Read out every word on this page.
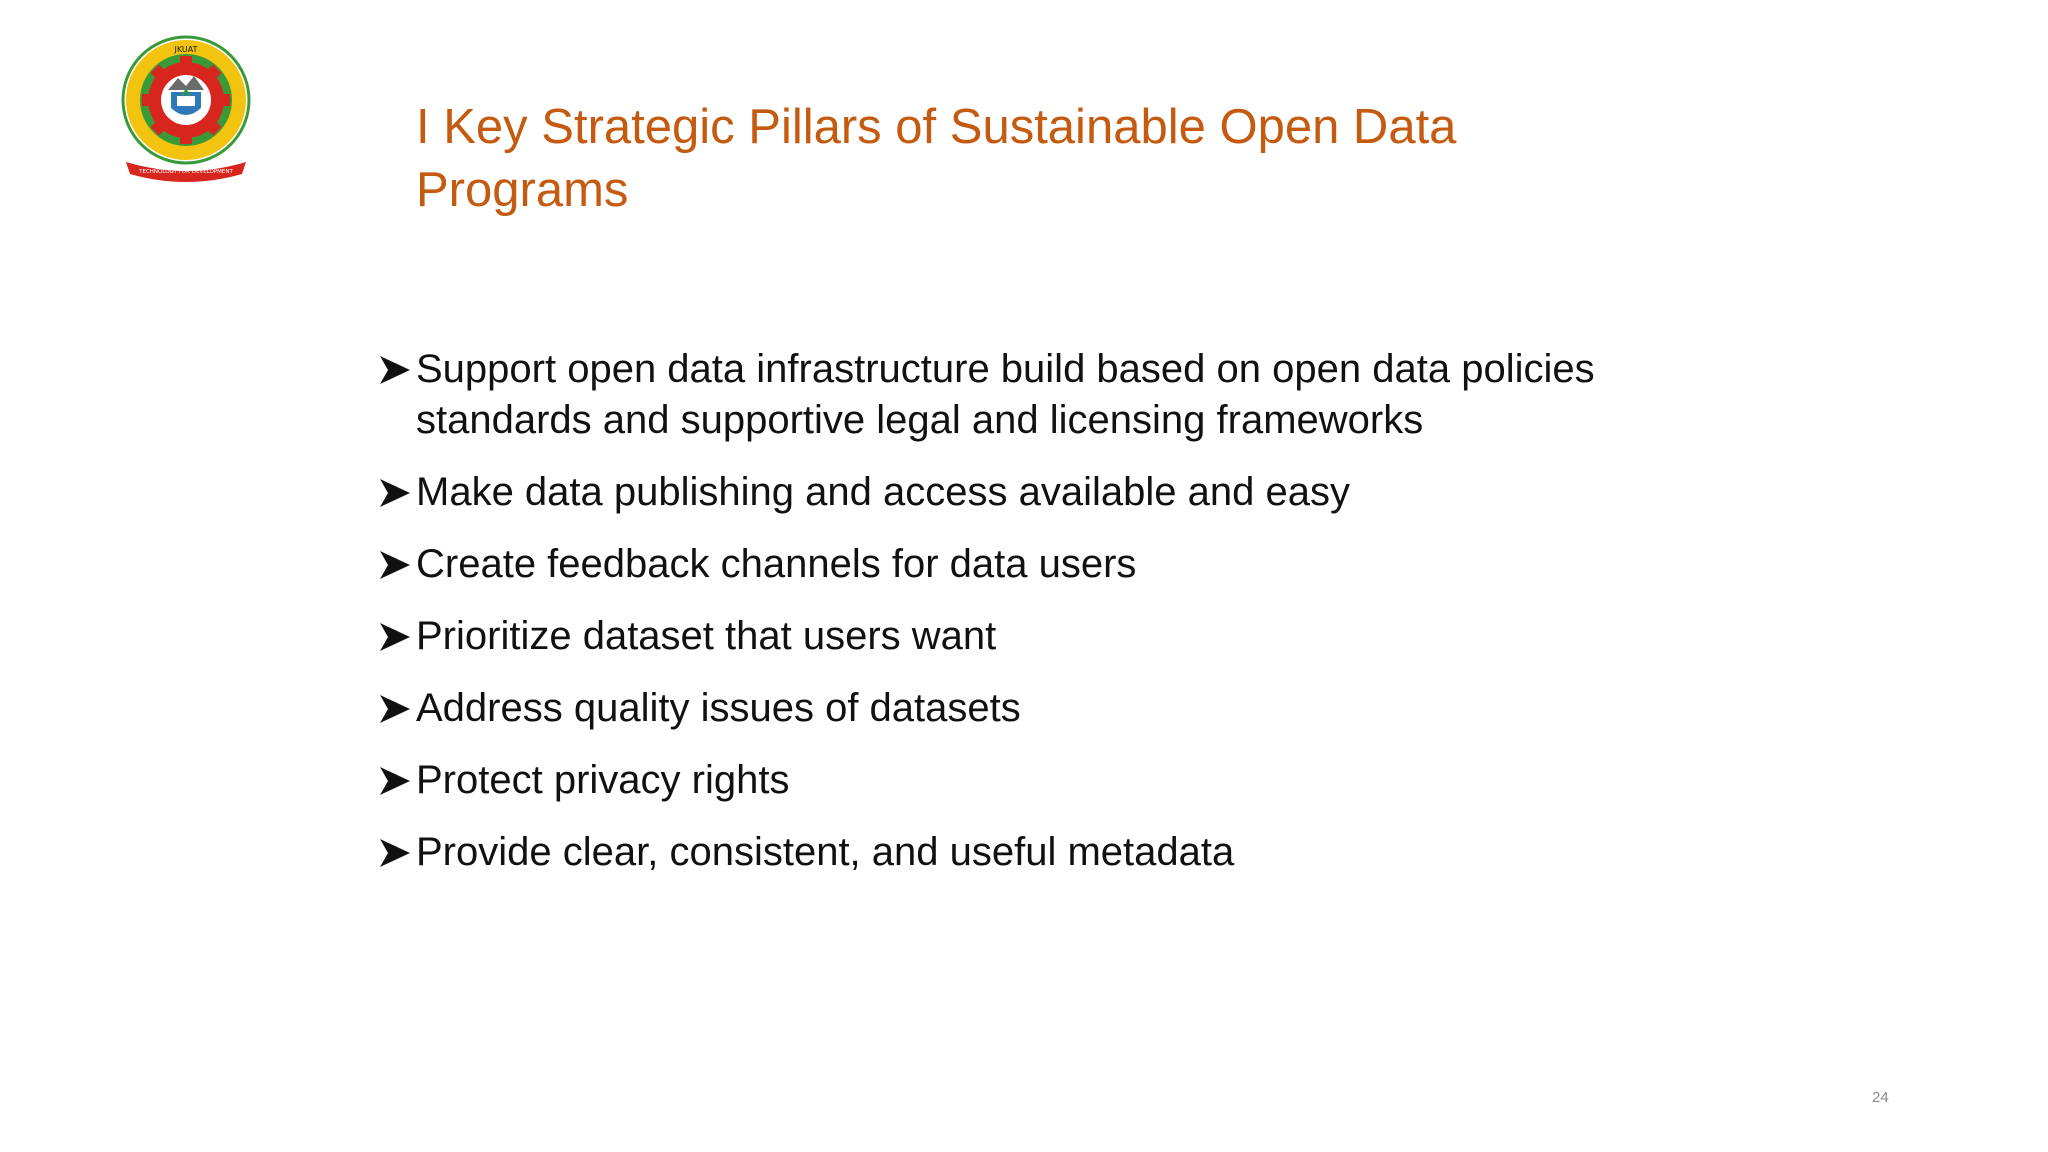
JKUAT
TECHNOLOGY FOR DEVELOPMENT
I Key Strategic Pillars of Sustainable Open Data Programs
Support open data infrastructure build based on open data policies standards and supportive legal and licensing frameworks
Make data publishing and access available and easy
Create feedback channels for data users
Prioritize dataset that users want
Address quality issues of datasets
Protect privacy rights
Provide clear, consistent, and useful metadata
24
